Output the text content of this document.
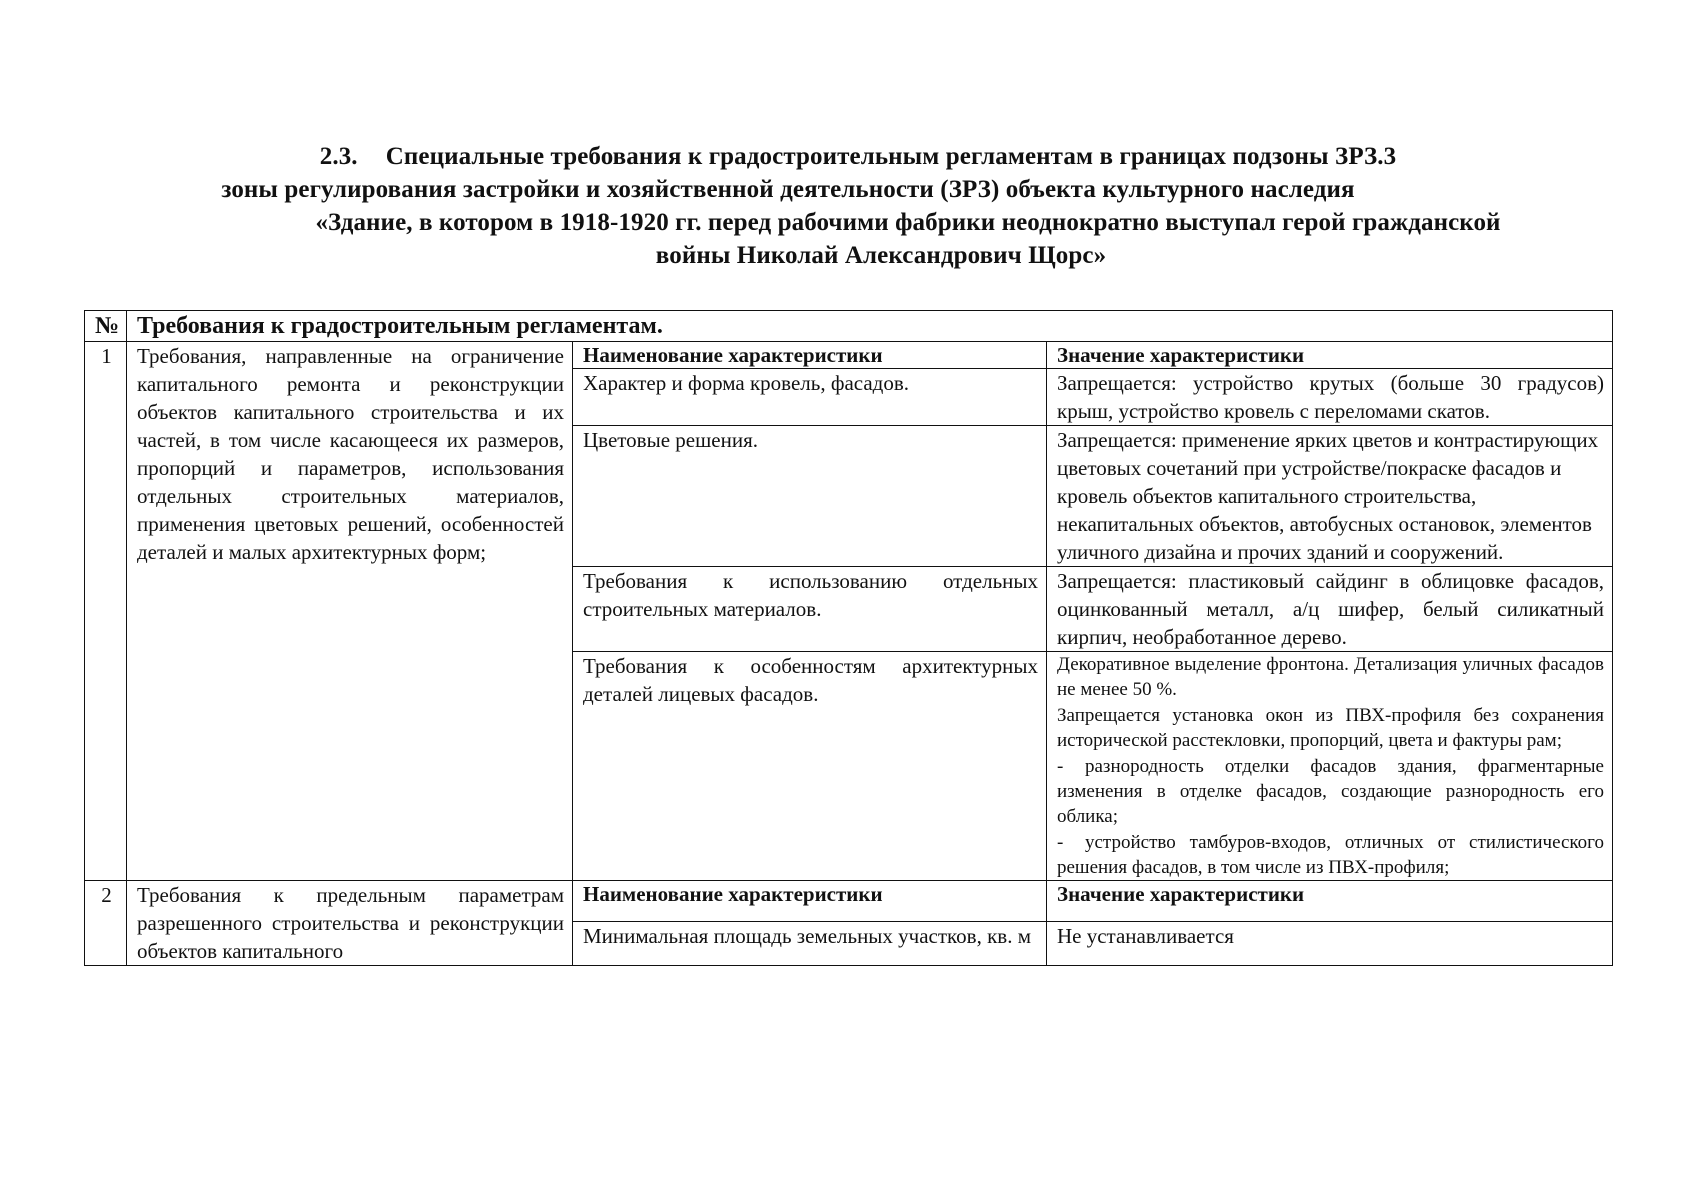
2.3. Специальные требования к градостроительным регламентам в границах подзоны ЗРЗ.3
зоны регулирования застройки и хозяйственной деятельности (ЗРЗ) объекта культурного наследия
«Здание, в котором в 1918-1920 гг. перед рабочими фабрики неоднократно выступал герой гражданской
войны Николай Александрович Щорс»
№	Требования к градостроительным регламентам.		
1	Требования, направленные на ограничение капитального ремонта и реконструкции объектов капитального строительства и их частей, в том числе касающееся их размеров, пропорций и параметров, использования отдельных строительных материалов, применения цветовых решений, особенностей деталей и малых архитектурных форм;	Наименование характеристики	Значение характеристики
		Характер и форма кровель, фасадов.	Запрещается: устройство крутых (больше 30 градусов) крыш, устройство кровель с переломами скатов.
		Цветовые решения.	Запрещается: применение ярких цветов и контрастирующих цветовых сочетаний при устройстве/покраске фасадов и кровель объектов капитального строительства, некапитальных объектов, автобусных остановок, элементов уличного дизайна и прочих зданий и сооружений.
		Требования к использованию отдельных строительных материалов.	Запрещается: пластиковый сайдинг в облицовке фасадов, оцинкованный металл, а/ц шифер, белый силикатный кирпич, необработанное дерево.
		Требования к особенностям архитектурных деталей лицевых фасадов.	Декоративное выделение фронтона. Детализация уличных фасадов не менее 50 %.
Запрещается установка окон из ПВХ-профиля без сохранения исторической расстекловки, пропорций, цвета и фактуры рам;
- разнородность отделки фасадов здания, фрагментарные изменения в отделке фасадов, создающие разнородность его облика;
- устройство тамбуров-входов, отличных от стилистического решения фасадов, в том числе из ПВХ-профиля;

2	Требования к предельным параметрам разрешенного строительства и реконструкции объектов капитального	Наименование характеристики	Значение характеристики
		Минимальная площадь земельных участков, кв. м	Не устанавливается
